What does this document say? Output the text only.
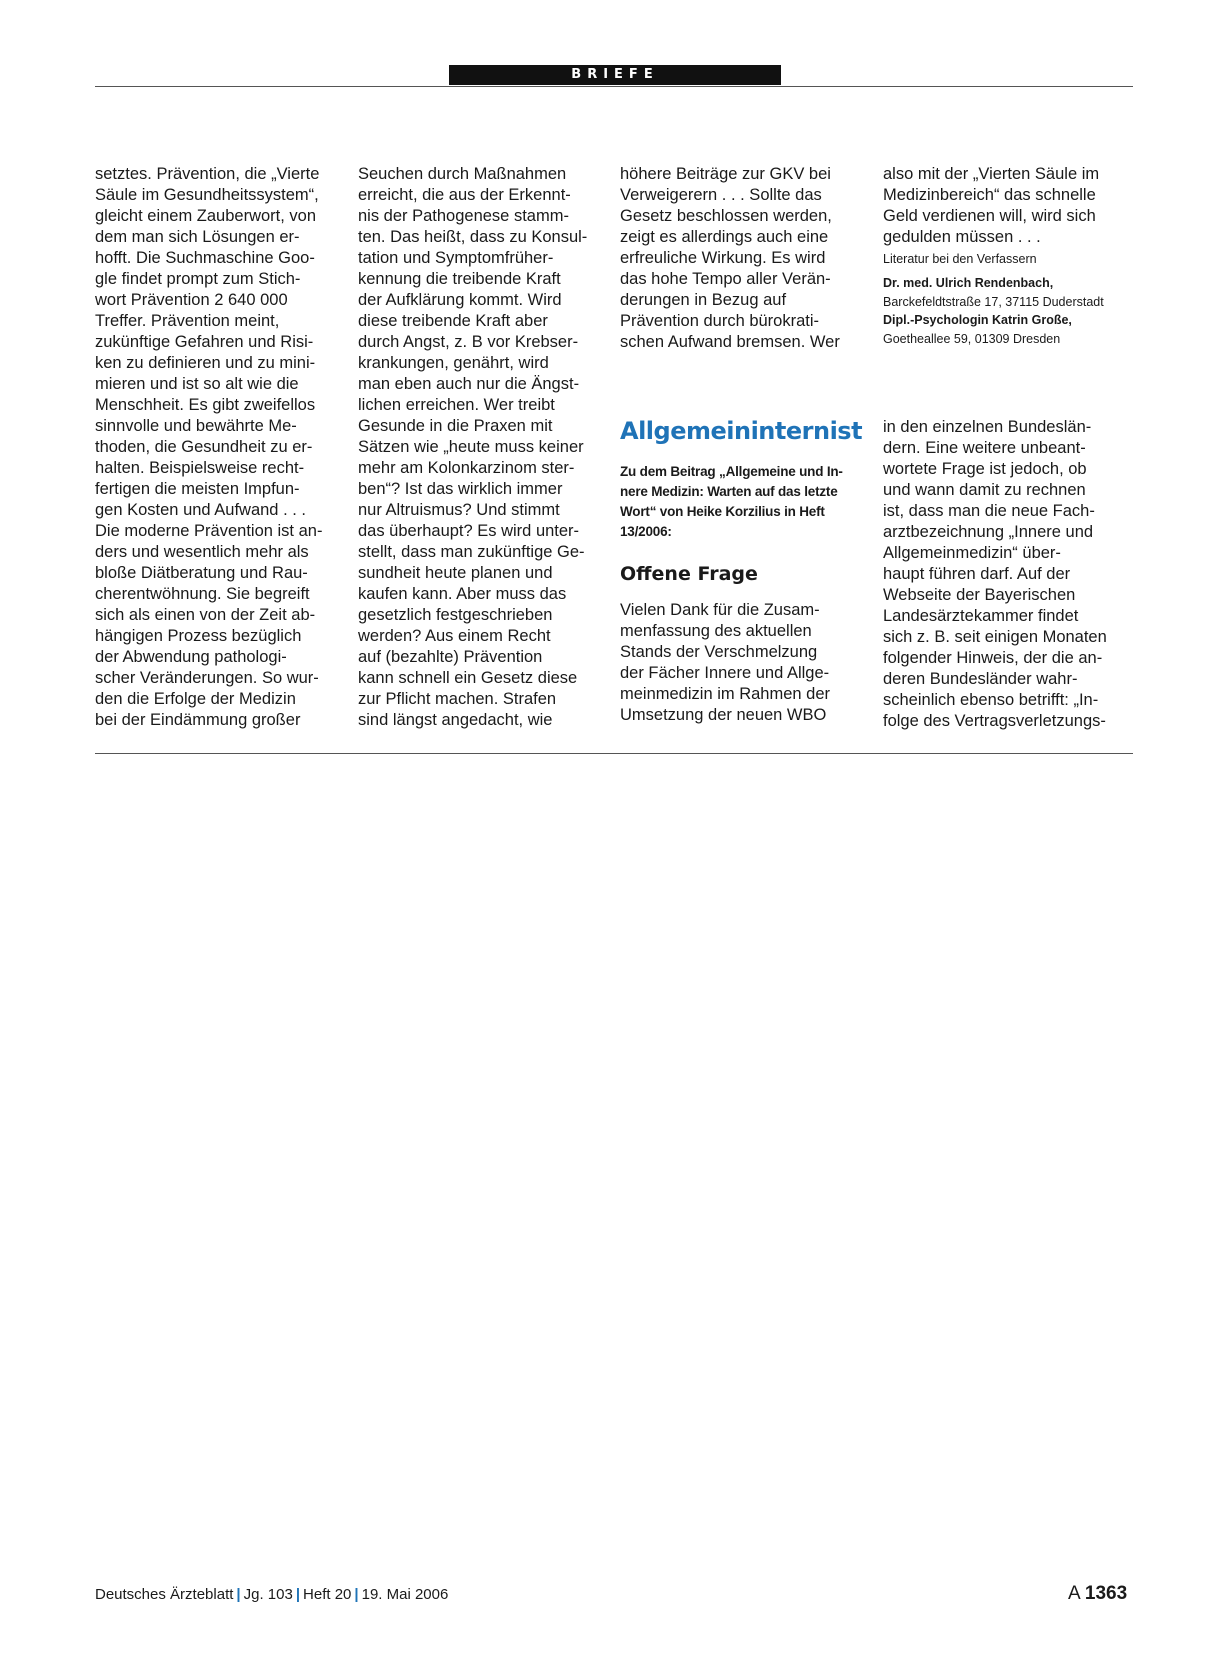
BRIEFE

setztes. Prävention, die „Vierte
Säule im Gesundheitssystem“,
gleicht einem Zauberwort, von
dem man sich Lösungen er-
hofft. Die Suchmaschine Goo-
gle findet prompt zum Stich-
wort Prävention 2 640 000
Treffer. Prävention meint,
zukünftige Gefahren und Risi-
ken zu definieren und zu mini-
mieren und ist so alt wie die
Menschheit. Es gibt zweifellos
sinnvolle und bewährte Me-
thoden, die Gesundheit zu er-
halten. Beispielsweise recht-
fertigen die meisten Impfun-
gen Kosten und Aufwand . . .
Die moderne Prävention ist an-
ders und wesentlich mehr als
bloße Diätberatung und Rau-
cherentwöhnung. Sie begreift
sich als einen von der Zeit ab-
hängigen Prozess bezüglich
der Abwendung pathologi-
scher Veränderungen. So wur-
den die Erfolge der Medizin
bei der Eindämmung großer

Seuchen durch Maßnahmen
erreicht, die aus der Erkennt-
nis der Pathogenese stamm-
ten. Das heißt, dass zu Konsul-
tation und Symptomfrüher-
kennung die treibende Kraft
der Aufklärung kommt. Wird
diese treibende Kraft aber
durch Angst, z. B vor Krebser-
krankungen, genährt, wird
man eben auch nur die Ängst-
lichen erreichen. Wer treibt
Gesunde in die Praxen mit
Sätzen wie „heute muss keiner
mehr am Kolonkarzinom ster-
ben“? Ist das wirklich immer
nur Altruismus? Und stimmt
das überhaupt? Es wird unter-
stellt, dass man zukünftige Ge-
sundheit heute planen und
kaufen kann. Aber muss das
gesetzlich festgeschrieben
werden? Aus einem Recht
auf (bezahlte) Prävention
kann schnell ein Gesetz diese
zur Pflicht machen. Strafen
sind längst angedacht, wie

höhere Beiträge zur GKV bei
Verweigerern . . . Sollte das
Gesetz beschlossen werden,
zeigt es allerdings auch eine
erfreuliche Wirkung. Es wird
das hohe Tempo aller Verän-
derungen in Bezug auf
Prävention durch bürokrati-
schen Aufwand bremsen. Wer

also mit der „Vierten Säule im
Medizinbereich“ das schnelle
Geld verdienen will, wird sich
gedulden müssen . . .

Literatur bei den Verfassern
Dr. med. Ulrich Rendenbach,
Barckefeldtstraße 17, 37115 Duderstadt
Dipl.-Psychologin Katrin Große,
Goetheallee 59, 01309 Dresden
Allgemeininternist

Zu dem Beitrag „Allgemeine und In-
nere Medizin: Warten auf das letzte
Wort“ von Heike Korzilius in Heft
13/2006:

Offene Frage

Vielen Dank für die Zusam-
menfassung des aktuellen
Stands der Verschmelzung
der Fächer Innere und Allge-
meinmedizin im Rahmen der
Umsetzung der neuen WBO

in den einzelnen Bundeslän-
dern. Eine weitere unbeant-
wortete Frage ist jedoch, ob
und wann damit zu rechnen
ist, dass man die neue Fach-
arztbezeichnung „Innere und
Allgemeinmedizin“ über-
haupt führen darf. Auf der
Webseite der Bayerischen
Landesärztekammer findet
sich z. B. seit einigen Monaten
folgender Hinweis, der die an-
deren Bundesländer wahr-
scheinlich ebenso betrifft: „In-
folge des Vertragsverletzungs-

Deutsches Ärzteblatt | Jg. 103 | Heft 20 | 19. Mai 2006	A 1363
